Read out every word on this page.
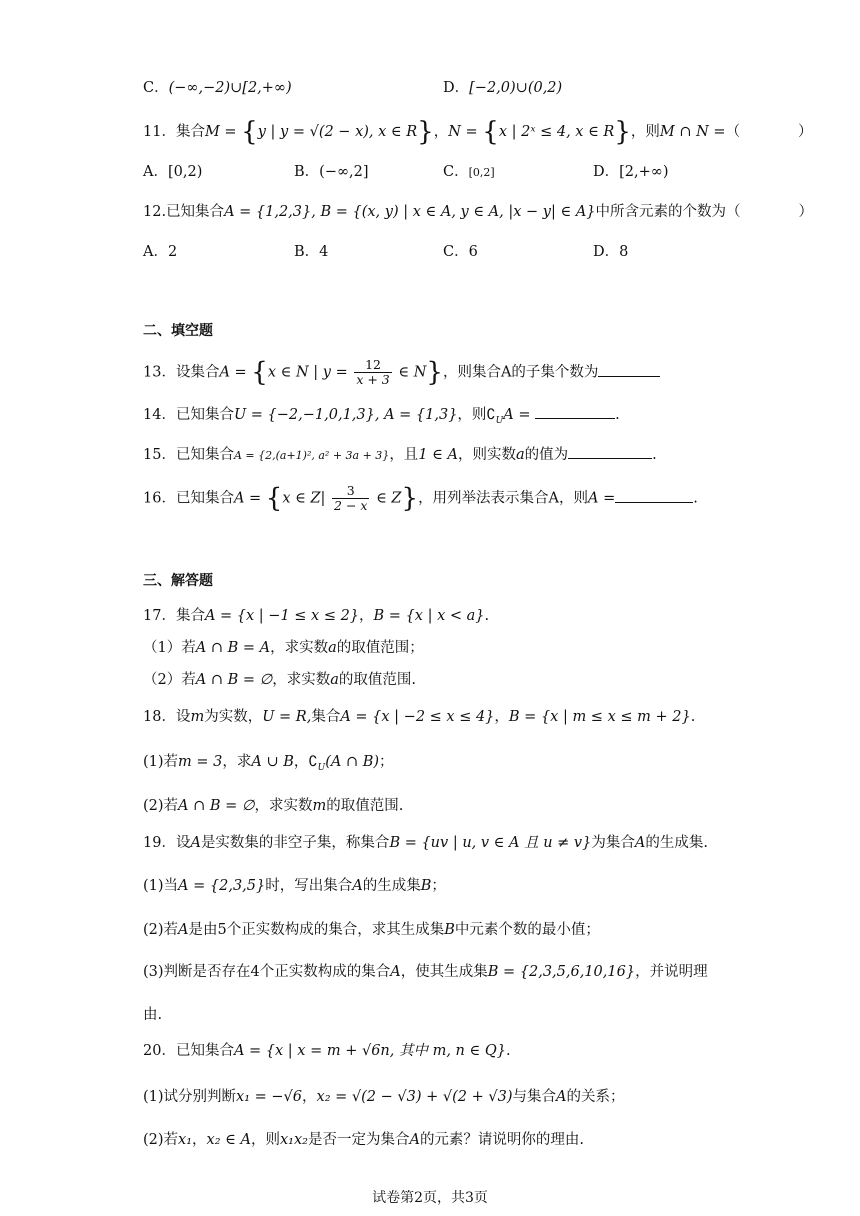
C．(−∞,−2)∪[2,+∞)	D．[−2,0)∪(0,2)
11．集合M = {y | y = √(2 − x), x ∈ R}，N = {x | 2ˣ ≤ 4, x ∈ R}，则M ∩ N =（　　　　）
A．[0,2)	B．(−∞,2]	C．[0,2]	D．[2,+∞)
12.已知集合A = {1,2,3}, B = {(x, y) | x ∈ A, y ∈ A, |x − y| ∈ A}中所含元素的个数为（　　　　）
A．2	B．4	C．6	D．8
二、填空题
13．设集合A = {x ∈ N | $y = \frac{12}{x + 3}$ ∈ N}，则集合A的子集个数为
14．已知集合U = {−2,−1,0,1,3}, A = {1,3}，则$∁_UA$ =	.
15．已知集合A = {2,(a+1)², a² + 3a + 3}，且1 ∈ A，则实数a的值为	.
16．已知集合A = {x ∈ $Z| \frac{3}{2 - x}$ ∈ Z}，用列举法表示集合A，则A =	.
三、解答题
17．集合A = {x | −1 ≤ x ≤ 2}，B = {x | x < a}.
（1）若A ∩ B = A，求实数a的取值范围；
（2）若A ∩ B = ∅，求实数a的取值范围.
18．设m为实数，U = R,集合A = {x | −2 ≤ x ≤ 4}，B = {x | m ≤ x ≤ m + 2}.
(1)若m = 3，求A ∪ B，$∁_U(A$ ∩ B)；
(2)若A ∩ B = ∅，求实数m的取值范围.
19．设A是实数集的非空子集，称集合B = {uv | u, v ∈ A 且 u ≠ v}为集合A的生成集.
(1)当A = {2,3,5}时，写出集合A的生成集B；
(2)若A是由5个正实数构成的集合，求其生成集B中元素个数的最小值；
(3)判断是否存在4个正实数构成的集合A，使其生成集B = {2,3,5,6,10,16}，并说明理
由.
20．已知集合A = {x | x = m + √6n, 其中 m, n ∈ Q}.
(1)试分别判断x₁ = −√6，x₂ = √(2 − √3) + √(2 + √3)与集合A的关系；
(2)若x₁，x₂ ∈ A，则x₁x₂是否一定为集合A的元素？请说明你的理由.
试卷第2页，共3页
